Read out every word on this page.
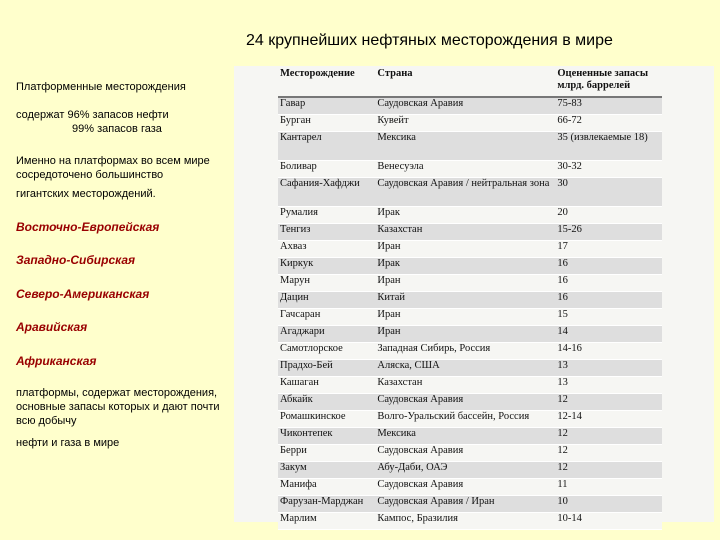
24 крупнейших нефтяных месторождения в мире

Платформенные месторождения

содержат 96% запасов нефти

99% запасов газа

Именно на платформах во всем мире сосредоточено большинство

гигантских месторождений.

Восточно-Европейская

Западно-Сибирская

Северо-Американская

Аравийская

Африканская

платформы, содержат месторождения, основные запасы которых и дают почти всю добычу

нефти и газа в мире

Месторождение	Страна	Оцененные запасы млрд. баррелей
Гавар	Саудовская Аравия	75-83
Бурган	Кувейт	66-72
Кантарел	Мексика	35 (извлекаемые 18)
Боливар	Венесуэла	30-32
Сафания-Хафджи	Саудовская Аравия / нейтральная зона	30
Румалия	Ирак	20
Тенгиз	Казахстан	15-26
Ахваз	Иран	17
Киркук	Ирак	16
Марун	Иран	16
Дацин	Китай	16
Гачсаран	Иран	15
Агаджари	Иран	14
Самотлорское	Западная Сибирь, Россия	14-16
Прадхо-Бей	Аляска, США	13
Кашаган	Казахстан	13
Абкайк	Саудовская Аравия	12
Ромашкинское	Волго-Уральский бассейн, Россия	12-14
Чиконтепек	Мексика	12
Берри	Саудовская Аравия	12
Закум	Абу-Даби, ОАЭ	12
Манифа	Саудовская Аравия	11
Фарузан-Марджан	Саудовская Аравия / Иран	10
Марлим	Кампос, Бразилия	10-14
